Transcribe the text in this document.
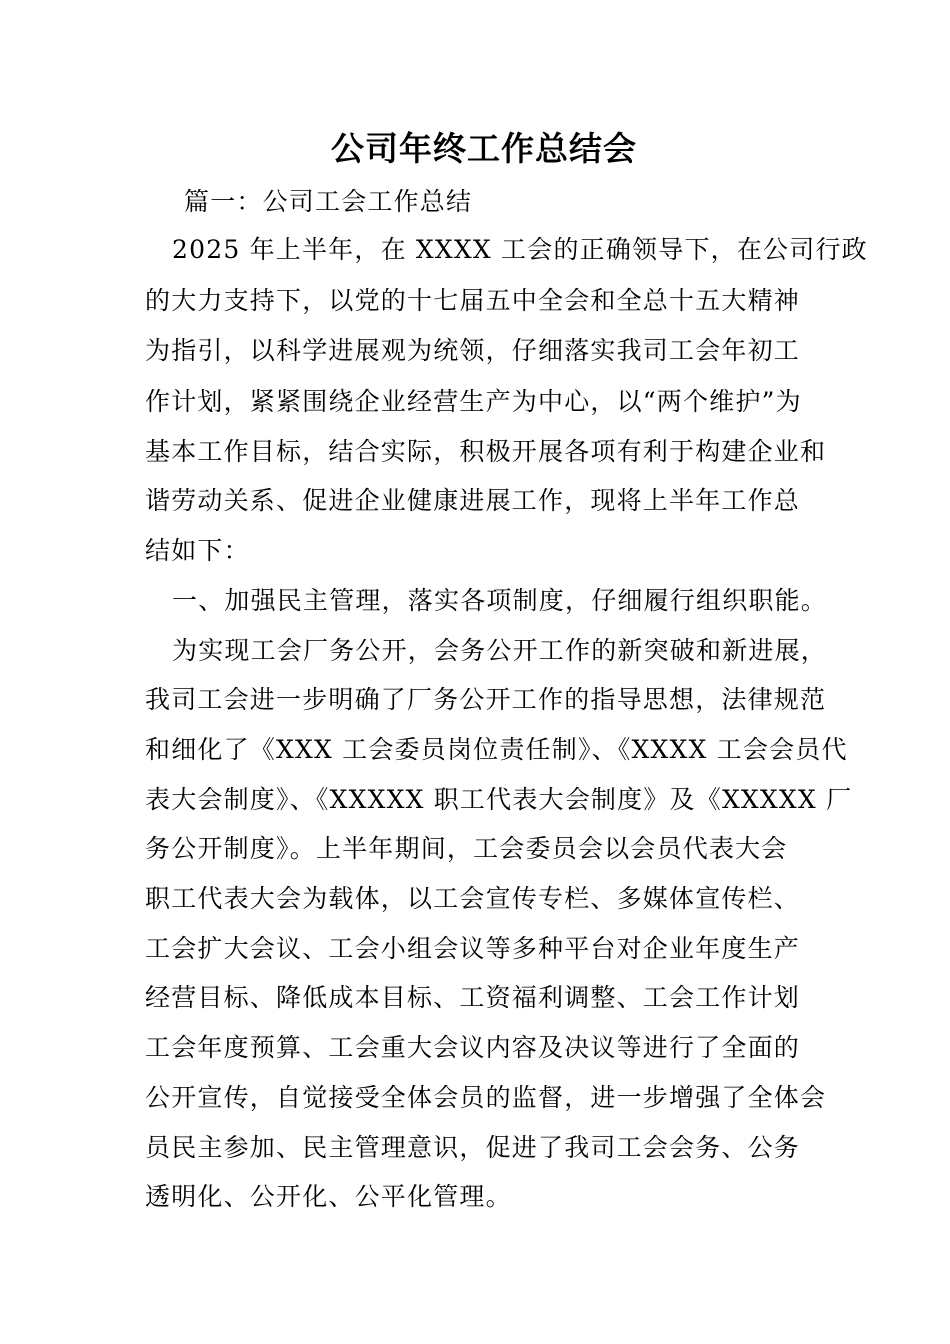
公司年终工作总结会
篇一：公司工会工作总结
2025 年上半年，在 XXXX 工会的正确领导下，在公司行政
的大力支持下，以党的十七届五中全会和全总十五大精神
为指引，以科学进展观为统领，仔细落实我司工会年初工
作计划，紧紧围绕企业经营生产为中心，以“两个维护”为
基本工作目标，结合实际，积极开展各项有利于构建企业和
谐劳动关系、促进企业健康进展工作，现将上半年工作总
结如下：
一、加强民主管理，落实各项制度，仔细履行组织职能。
为实现工会厂务公开，会务公开工作的新突破和新进展，
我司工会进一步明确了厂务公开工作的指导思想，法律规范
和细化了《XXX 工会委员岗位责任制》、《XXXX 工会会员代
表大会制度》、《XXXXX 职工代表大会制度》及《XXXXX 厂
务公开制度》。上半年期间，工会委员会以会员代表大会
职工代表大会为载体，以工会宣传专栏、多媒体宣传栏、
工会扩大会议、工会小组会议等多种平台对企业年度生产
经营目标、降低成本目标、工资福利调整、工会工作计划
工会年度预算、工会重大会议内容及决议等进行了全面的
公开宣传，自觉接受全体会员的监督，进一步增强了全体会
员民主参加、民主管理意识，促进了我司工会会务、公务
透明化、公开化、公平化管理。
